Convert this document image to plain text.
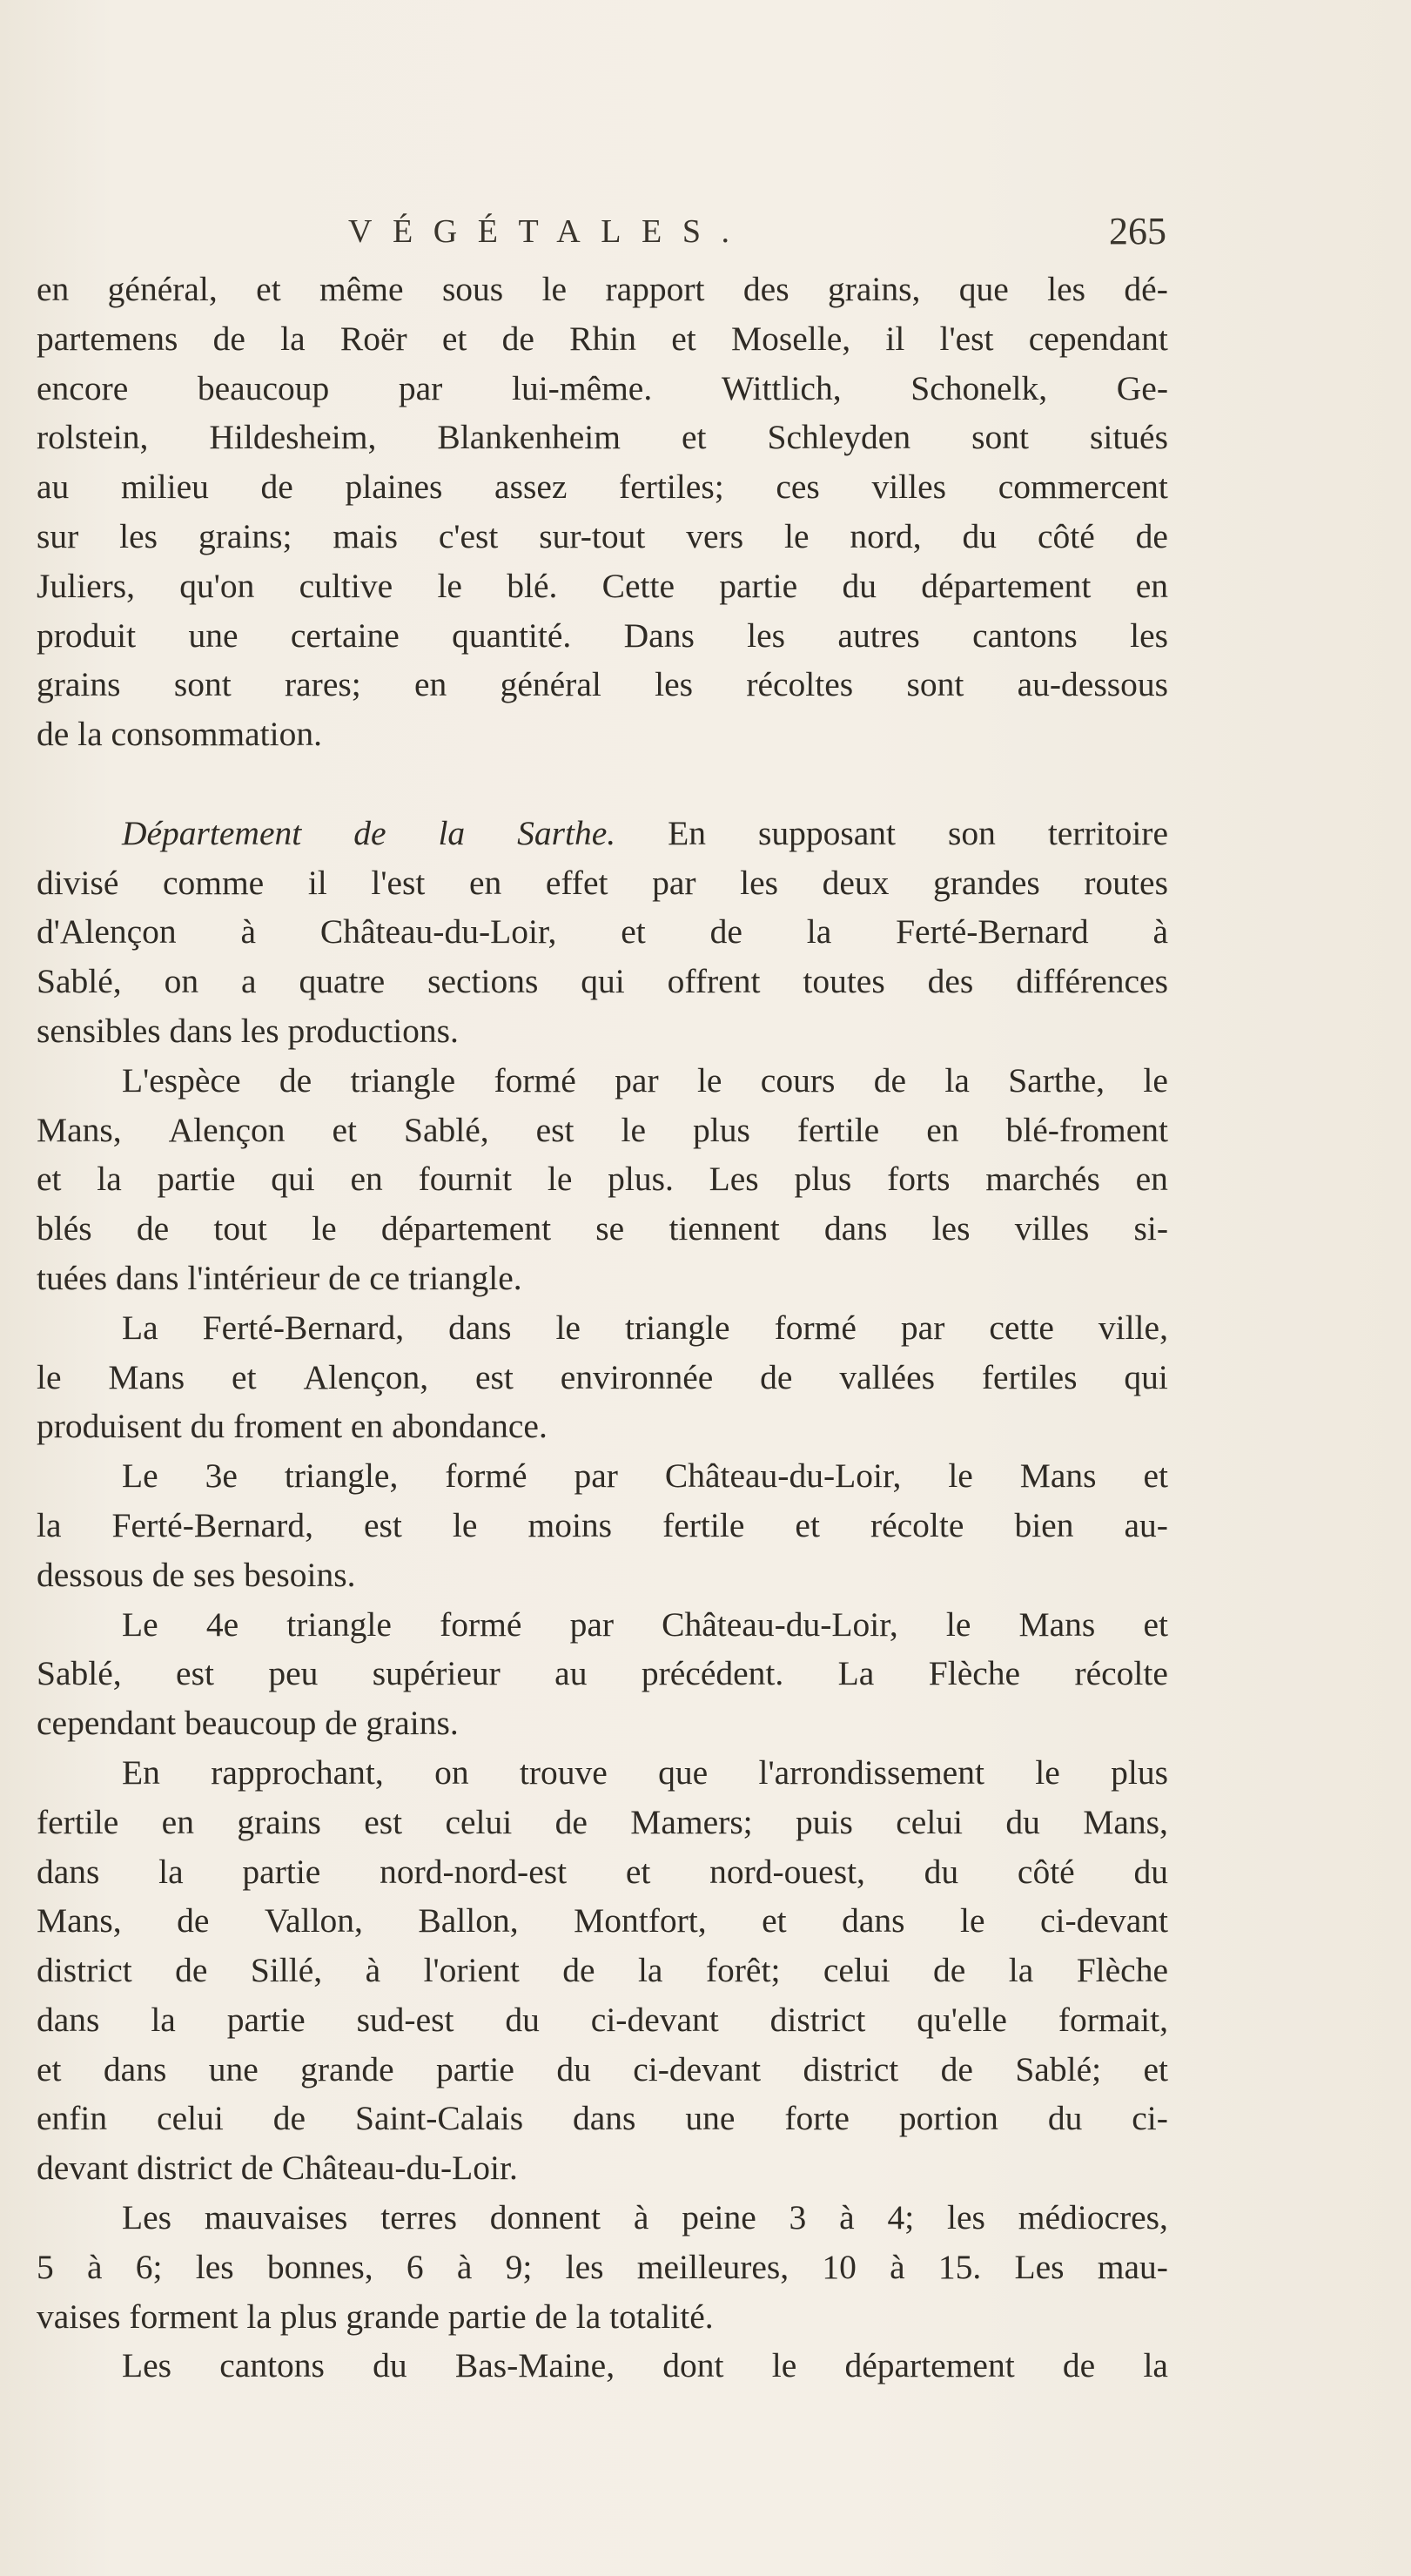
VÉGÉTALES.	265
en général, et même sous le rapport des grains, que les dé-
partemens de la Roër et de Rhin et Moselle, il l'est cependant
encore beaucoup par lui-même. Wittlich, Schonelk, Ge-
rolstein, Hildesheim, Blankenheim et Schleyden sont situés
au milieu de plaines assez fertiles; ces villes commercent
sur les grains; mais c'est sur-tout vers le nord, du côté de
Juliers, qu'on cultive le blé. Cette partie du département en
produit une certaine quantité. Dans les autres cantons les
grains sont rares; en général les récoltes sont au-dessous
de la consommation.

Département de la Sarthe. En supposant son territoire
divisé comme il l'est en effet par les deux grandes routes
d'Alençon à Château-du-Loir, et de la Ferté-Bernard à
Sablé, on a quatre sections qui offrent toutes des différences
sensibles dans les productions.
L'espèce de triangle formé par le cours de la Sarthe, le
Mans, Alençon et Sablé, est le plus fertile en blé-froment
et la partie qui en fournit le plus. Les plus forts marchés en
blés de tout le département se tiennent dans les villes si-
tuées dans l'intérieur de ce triangle.
La Ferté-Bernard, dans le triangle formé par cette ville,
le Mans et Alençon, est environnée de vallées fertiles qui
produisent du froment en abondance.
Le 3e triangle, formé par Château-du-Loir, le Mans et
la Ferté-Bernard, est le moins fertile et récolte bien au-
dessous de ses besoins.
Le 4e triangle formé par Château-du-Loir, le Mans et
Sablé, est peu supérieur au précédent. La Flèche récolte
cependant beaucoup de grains.
En rapprochant, on trouve que l'arrondissement le plus
fertile en grains est celui de Mamers; puis celui du Mans,
dans la partie nord-nord-est et nord-ouest, du côté du
Mans, de Vallon, Ballon, Montfort, et dans le ci-devant
district de Sillé, à l'orient de la forêt; celui de la Flèche
dans la partie sud-est du ci-devant district qu'elle formait,
et dans une grande partie du ci-devant district de Sablé; et
enfin celui de Saint-Calais dans une forte portion du ci-
devant district de Château-du-Loir.
Les mauvaises terres donnent à peine 3 à 4; les médiocres,
5 à 6; les bonnes, 6 à 9; les meilleures, 10 à 15. Les mau-
vaises forment la plus grande partie de la totalité.
Les cantons du Bas-Maine, dont le département de la
